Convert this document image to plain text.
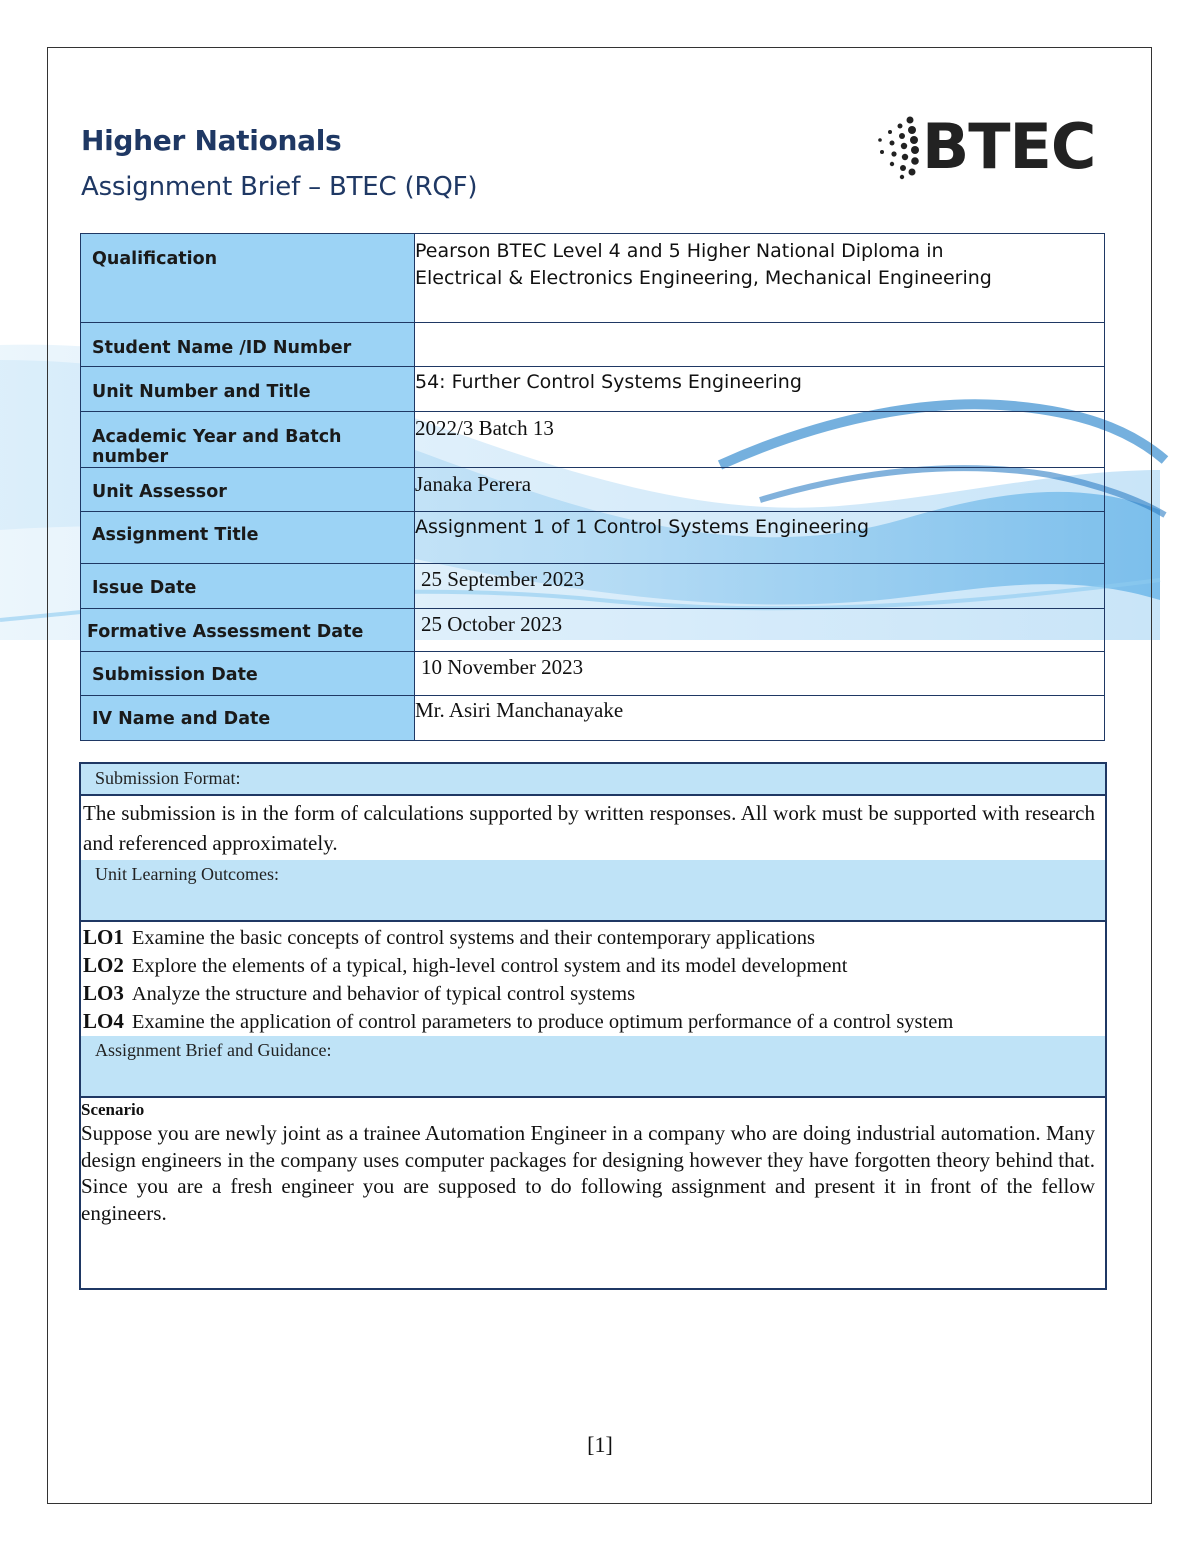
Higher Nationals
Assignment Brief – BTEC (RQF)
BTEC
Qualification	Pearson BTEC Level 4 and 5 Higher National Diploma in
Electrical & Electronics Engineering, Mechanical Engineering

Student Name /ID Number	

Unit Number and Title	54: Further Control Systems Engineering

Academic Year and Batch number	2022/3 Batch 13

Unit Assessor	Janaka Perera

Assignment Title	Assignment 1 of 1 Control Systems Engineering

Issue Date	25 September 2023

Formative Assessment Date	25 October 2023

Submission Date	10 November 2023

IV Name and Date	Mr. Asiri Manchanayake
Submission Format:
The submission is in the form of calculations supported by written responses. All work must be supported with research and referenced approximately.
Unit Learning Outcomes:
LO1 Examine the basic concepts of control systems and their contemporary applications
LO2 Explore the elements of a typical, high-level control system and its model development
LO3 Analyze the structure and behavior of typical control systems
LO4 Examine the application of control parameters to produce optimum performance of a control system
Assignment Brief and Guidance:
Scenario
Suppose you are newly joint as a trainee Automation Engineer in a company who are doing industrial automation. Many design engineers in the company uses computer packages for designing however they have forgotten theory behind that. Since you are a fresh engineer you are supposed to do following assignment and present it in front of the fellow engineers.
[1]
